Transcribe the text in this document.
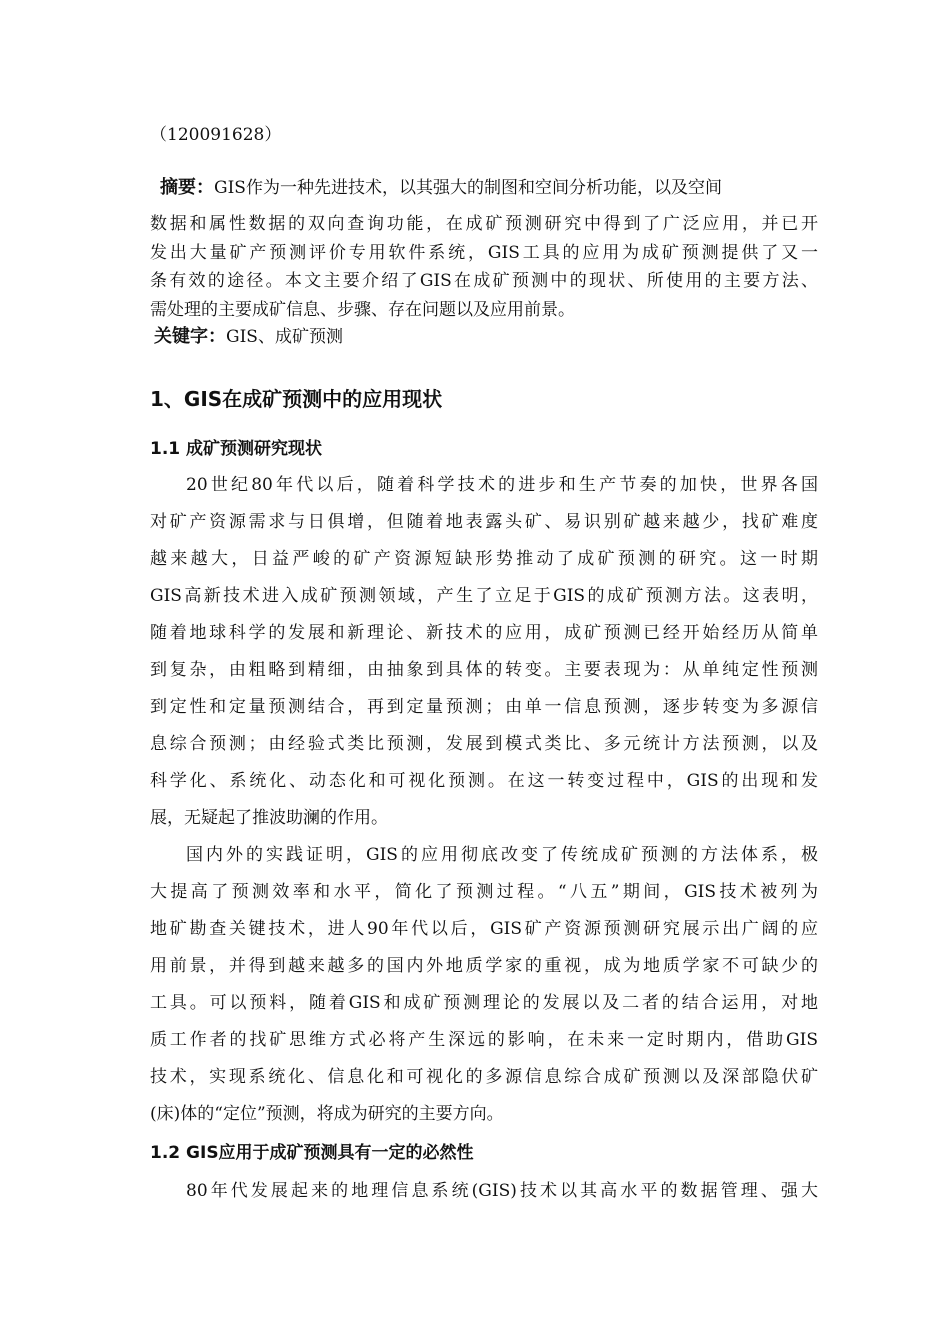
（120091628）
摘要：GIS作为一种先进技术，以其强大的制图和空间分析功能，以及空间
数据和属性数据的双向查询功能，在成矿预测研究中得到了广泛应用，并已开
发出大量矿产预测评价专用软件系统，GIS工具的应用为成矿预测提供了又一
条有效的途径。本文主要介绍了GIS在成矿预测中的现状、所使用的主要方法、
需处理的主要成矿信息、步骤、存在问题以及应用前景。
关键字：GIS、成矿预测
1、GIS在成矿预测中的应用现状
1.1 成矿预测研究现状
20世纪80年代以后，随着科学技术的进步和生产节奏的加快，世界各国
对矿产资源需求与日俱增，但随着地表露头矿、易识别矿越来越少，找矿难度
越来越大，日益严峻的矿产资源短缺形势推动了成矿预测的研究。这一时期
GIS高新技术进入成矿预测领域，产生了立足于GIS的成矿预测方法。这表明，
随着地球科学的发展和新理论、新技术的应用，成矿预测已经开始经历从简单
到复杂，由粗略到精细，由抽象到具体的转变。主要表现为：从单纯定性预测
到定性和定量预测结合，再到定量预测；由单一信息预测，逐步转变为多源信
息综合预测；由经验式类比预测，发展到模式类比、多元统计方法预测，以及
科学化、系统化、动态化和可视化预测。在这一转变过程中，GIS的出现和发
展，无疑起了推波助澜的作用。
国内外的实践证明，GIS的应用彻底改变了传统成矿预测的方法体系，极
大提高了预测效率和水平，简化了预测过程。“八五”期间，GIS技术被列为
地矿勘查关键技术，进人90年代以后，GIS矿产资源预测研究展示出广阔的应
用前景，并得到越来越多的国内外地质学家的重视，成为地质学家不可缺少的
工具。可以预料，随着GIS和成矿预测理论的发展以及二者的结合运用，对地
质工作者的找矿思维方式必将产生深远的影响，在未来一定时期内，借助GIS
技术，实现系统化、信息化和可视化的多源信息综合成矿预测以及深部隐伏矿
(床)体的“定位”预测，将成为研究的主要方向。
1.2 GIS应用于成矿预测具有一定的必然性
80年代发展起来的地理信息系统(GIS)技术以其高水平的数据管理、强大
